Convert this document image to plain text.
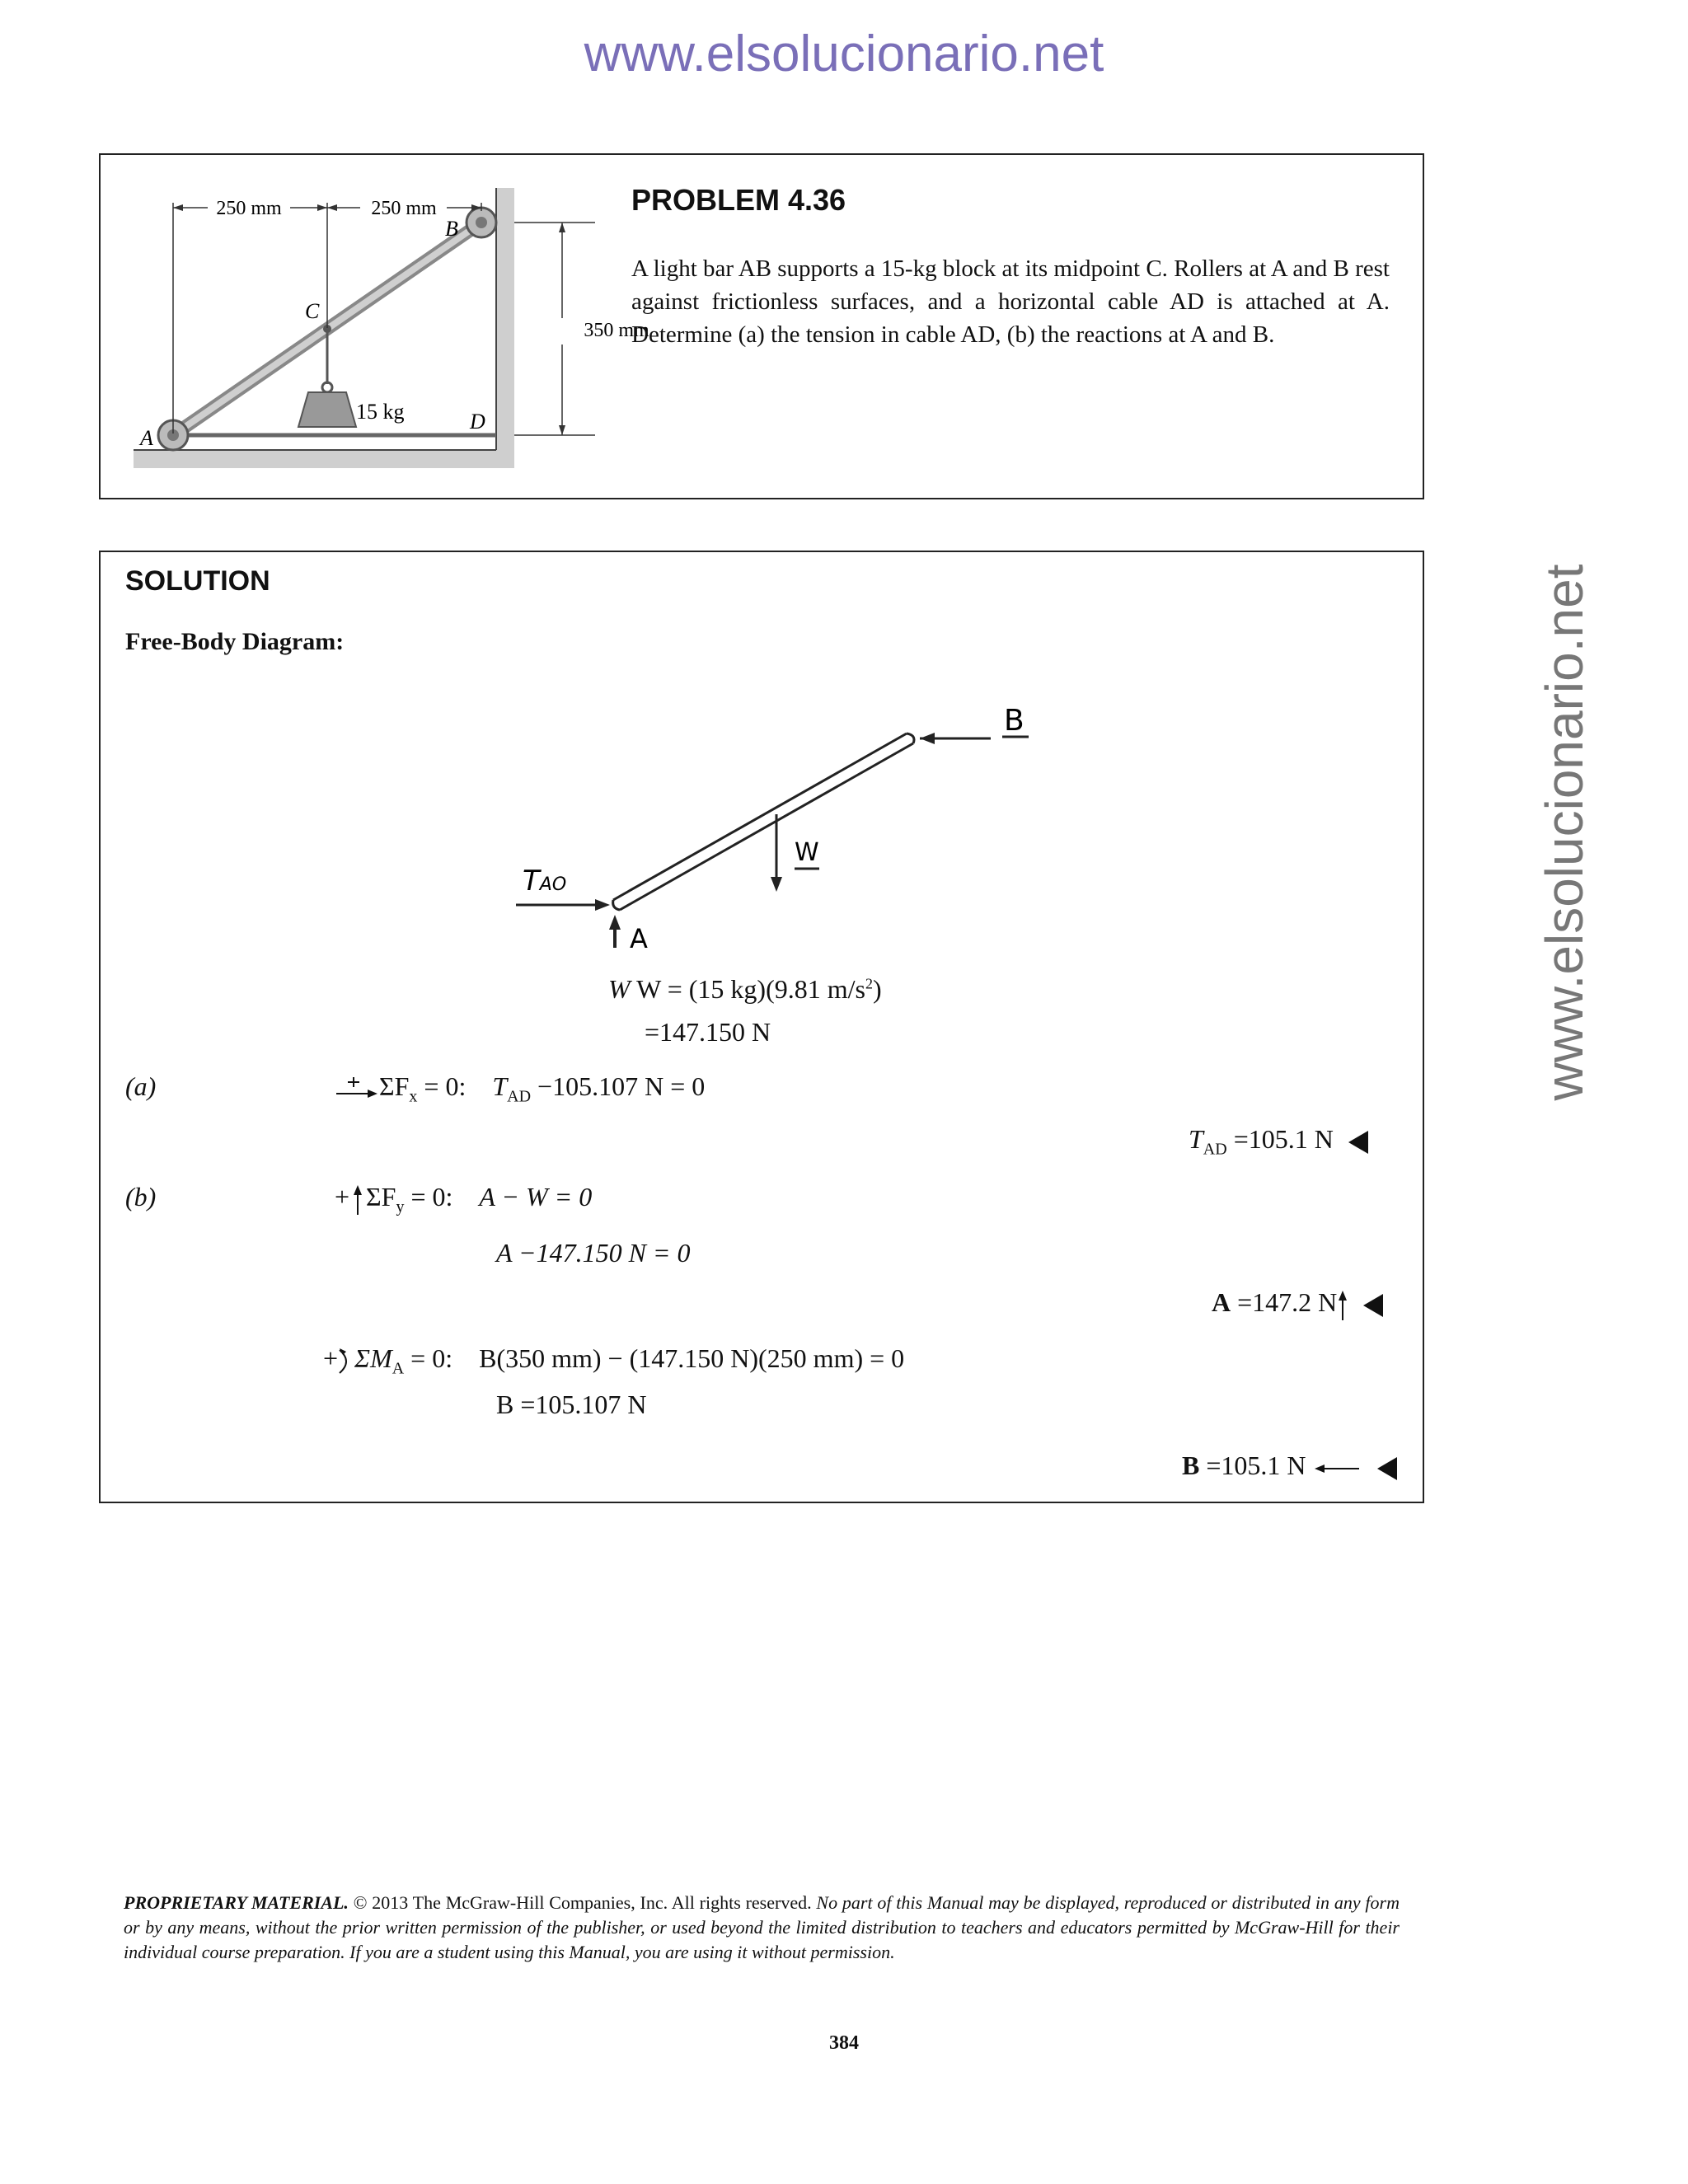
www.elsolucionario.net
www.elsolucionario.net
250 mm	250 mm
350 mm
15 kg
A
B
C
D
PROBLEM 4.36
A light bar AB supports a 15-kg block at its midpoint C. Rollers at A and B rest against frictionless surfaces, and a horizontal cable AD is attached at A. Determine (a) the tension in cable AD, (b) the reactions at A and B.
SOLUTION
Free-Body Diagram:
B
W
TAO
A
W W = (15 kg)(9.81 $m/s^2$)
=147.150 N
(a)	$\Sigma F_x = 0$: $T_{AD} -105.107$ N = 0
$T_{AD} =105.1$ N
(b)	+ $\Sigma F_y = 0$: A − W = 0
A −147.150 N = 0
A =147.2 N
+ $\Sigma M_A = 0$: B(350 mm) − (147.150 N)(250 mm) = 0
B =105.107 N
B =105.1 N
PROPRIETARY MATERIAL. © 2013 The McGraw-Hill Companies, Inc. All rights reserved. No part of this Manual may be displayed, reproduced or distributed in any form or by any means, without the prior written permission of the publisher, or used beyond the limited distribution to teachers and educators permitted by McGraw-Hill for their individual course preparation. If you are a student using this Manual, you are using it without permission.
384
